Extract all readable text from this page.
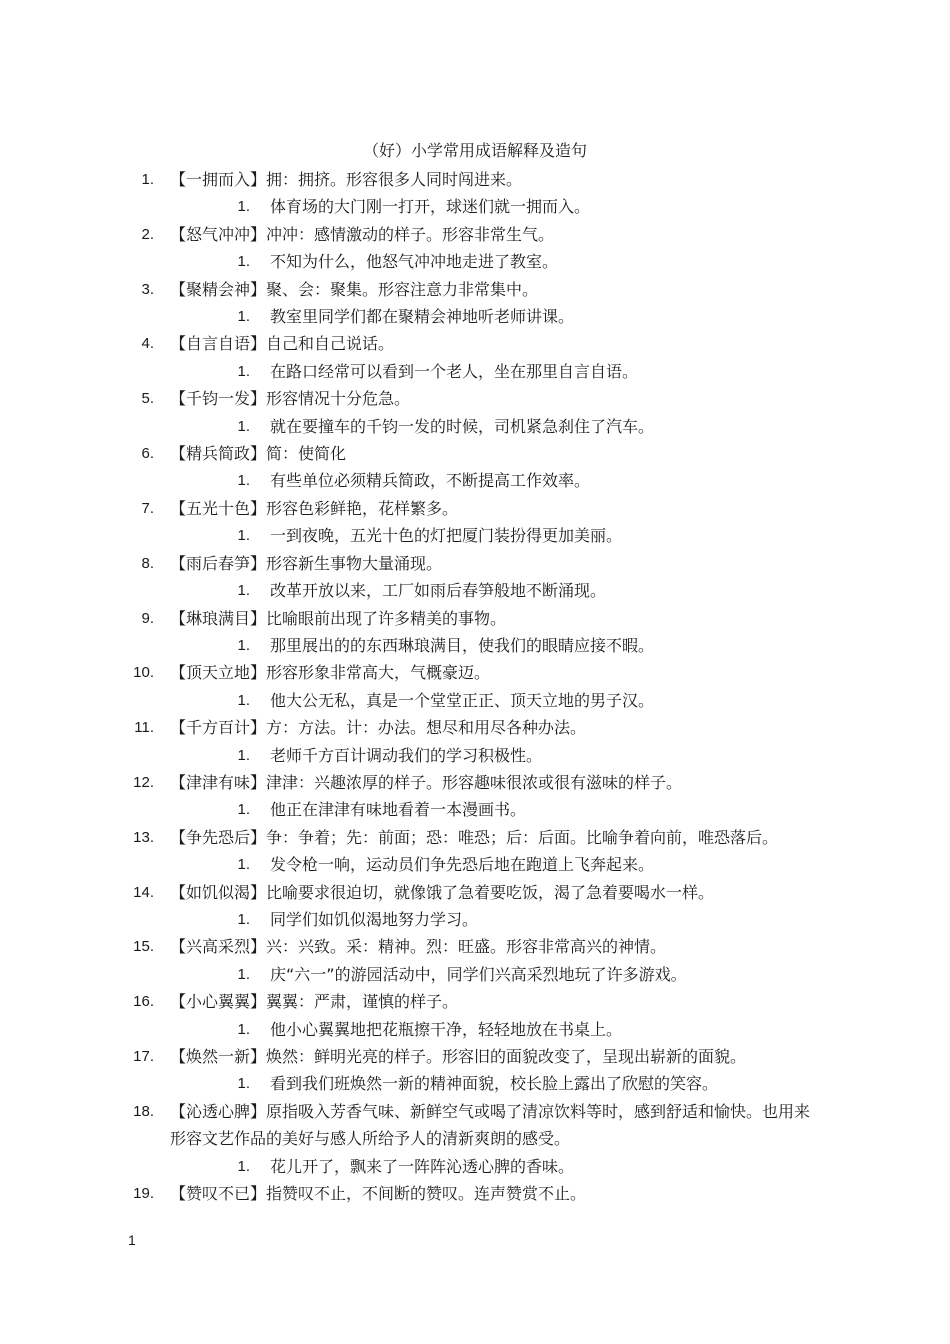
（好）小学常用成语解释及造句
1. 【一拥而入】拥：拥挤。形容很多人同时闯进来。
1. 体育场的大门刚一打开，球迷们就一拥而入。
2. 【怒气冲冲】冲冲：感情激动的样子。形容非常生气。
1. 不知为什么，他怒气冲冲地走进了教室。
3. 【聚精会神】聚、会：聚集。形容注意力非常集中。
1. 教室里同学们都在聚精会神地听老师讲课。
4. 【自言自语】自己和自己说话。
1. 在路口经常可以看到一个老人，坐在那里自言自语。
5. 【千钧一发】形容情况十分危急。
1. 就在要撞车的千钧一发的时候，司机紧急刹住了汽车。
6. 【精兵简政】简：使简化
1. 有些单位必须精兵简政，不断提高工作效率。
7. 【五光十色】形容色彩鲜艳，花样繁多。
1. 一到夜晚，五光十色的灯把厦门装扮得更加美丽。
8. 【雨后春笋】形容新生事物大量涌现。
1. 改革开放以来，工厂如雨后春笋般地不断涌现。
9. 【琳琅满目】比喻眼前出现了许多精美的事物。
1. 那里展出的的东西琳琅满目，使我们的眼睛应接不暇。
10. 【顶天立地】形容形象非常高大，气概豪迈。
1. 他大公无私，真是一个堂堂正正、顶天立地的男子汉。
11. 【千方百计】方：方法。计：办法。想尽和用尽各种办法。
1. 老师千方百计调动我们的学习积极性。
12. 【津津有味】津津：兴趣浓厚的样子。形容趣味很浓或很有滋味的样子。
1. 他正在津津有味地看着一本漫画书。
13. 【争先恐后】争：争着；先：前面；恐：唯恐；后：后面。比喻争着向前，唯恐落后。
1. 发令枪一响，运动员们争先恐后地在跑道上飞奔起来。
14. 【如饥似渴】比喻要求很迫切，就像饿了急着要吃饭，渴了急着要喝水一样。
1. 同学们如饥似渴地努力学习。
15. 【兴高采烈】兴：兴致。采：精神。烈：旺盛。形容非常高兴的神情。
1. 庆“六一”的游园活动中，同学们兴高采烈地玩了许多游戏。
16. 【小心翼翼】翼翼：严肃，谨慎的样子。
1. 他小心翼翼地把花瓶擦干净，轻轻地放在书桌上。
17. 【焕然一新】焕然：鲜明光亮的样子。形容旧的面貌改变了，呈现出崭新的面貌。
1. 看到我们班焕然一新的精神面貌，校长脸上露出了欣慰的笑容。
18. 【沁透心脾】原指吸入芳香气味、新鲜空气或喝了清凉饮料等时，感到舒适和愉快。也用来形容文艺作品的美好与感人所给予人的清新爽朗的感受。
1. 花儿开了，飘来了一阵阵沁透心脾的香味。
19. 【赞叹不已】指赞叹不止，不间断的赞叹。连声赞赏不止。
1
